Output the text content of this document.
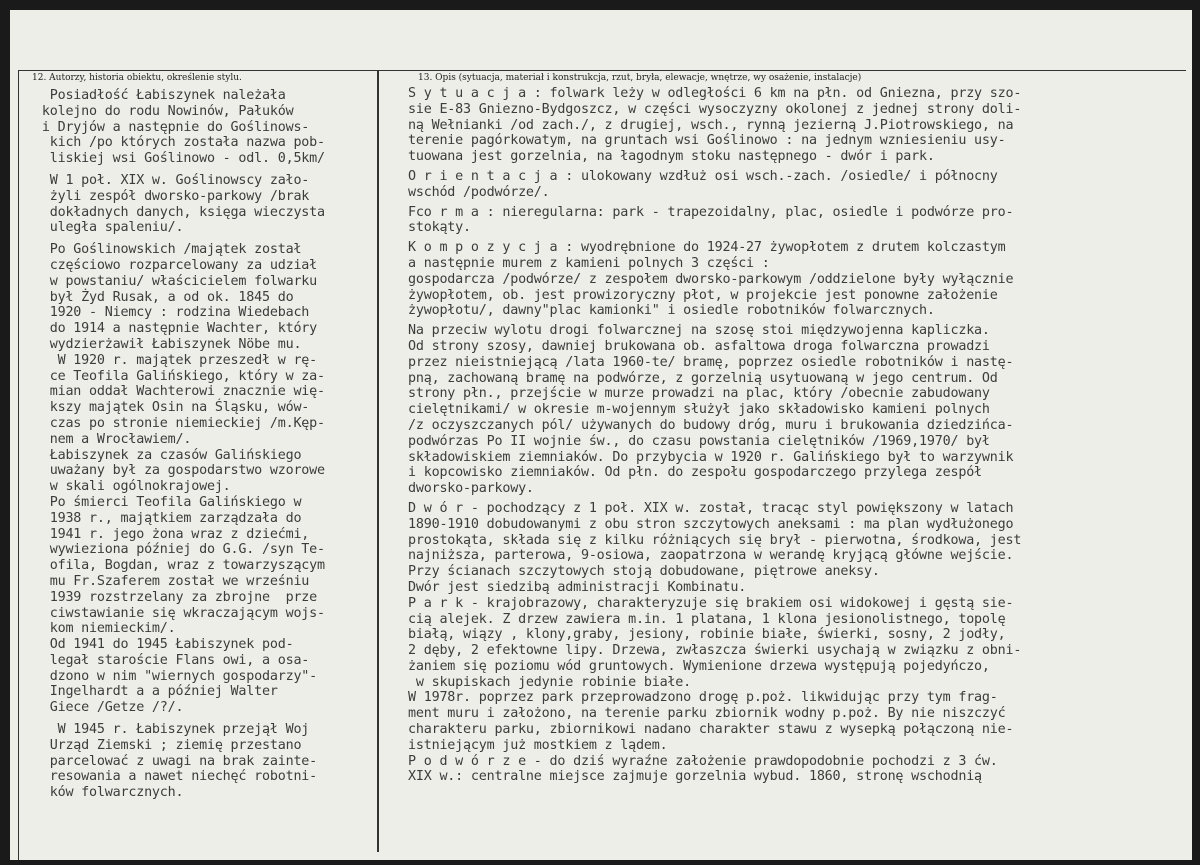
12. Autorzy, historia obiektu, określenie stylu.	13. Opis (sytuacja, materiał i konstrukcja, rzut, bryła, elewacje, wnętrze, wy osażenie, instalacje)
Posiadłość Łabiszynek należała
kolejno do rodu Nowinów, Pałuków
i Dryjów a następnie do Goślinows-
kich /po których została nazwa pob-
liskiej wsi Goślinowo - odl. 0,5km/
W 1 poł. XIX w. Goślinowscy zało-
żyli zespół dworsko-parkowy /brak
dokładnych danych, księga wieczysta
uległa spaleniu/.
Po Goślinowskich /majątek został
częściowo rozparcelowany za udział
w powstaniu/ właścicielem folwarku
był Żyd Rusak, a od ok. 1845 do
1920 - Niemcy : rodzina Wiedebach
do 1914 a następnie Wachter, który
wydzierżawił Łabiszynek Nöbe mu.
W 1920 r. majątek przeszedł w rę-
ce Teofila Galińskiego, który w za-
mian oddał Wachterowi znacznie wię-
kszy majątek Osin na Śląsku, wów-
czas po stronie niemieckiej /m.Kęp-
nem a Wrocławiem/.
Łabiszynek za czasów Galińskiego
uważany był za gospodarstwo wzorowe
w skali ogólnokrajowej.
Po śmierci Teofila Galińskiego w
1938 r., majątkiem zarządzała do
1941 r. jego żona wraz z dziećmi,
wywieziona później do G.G. /syn Te-
ofila, Bogdan, wraz z towarzyszącym
mu Fr.Szaferem został we wrześniu
1939 rozstrzelany za zbrojne  prze
ciwstawianie się wkraczającym wojs-
kom niemieckim/.
Od 1941 do 1945 Łabiszynek pod-
legał staroście Flans owi, a osa-
dzono w nim "wiernych gospodarzy"-
Ingelhardt a a później Walter
Giece /Getze /?/.
W 1945 r. Łabiszynek przejął Woj
Urząd Ziemski ; ziemię przestano
parcelować z uwagi na brak zainte-
resowania a nawet niechęć robotni-
ków folwarcznych.
S y t u a c j a : folwark leży w odległości 6 km na płn. od Gniezna, przy szo-
sie E-83 Gniezno-Bydgoszcz, w części wysoczyzny okolonej z jednej strony doli-
ną Wełnianki /od zach./, z drugiej, wsch., rynną jezierną J.Piotrowskiego, na
terenie pagórkowatym, na gruntach wsi Goślinowo : na jednym wzniesieniu usy-
tuowana jest gorzelnia, na łagodnym stoku następnego - dwór i park.
O r i e n t a c j a : ulokowany wzdłuż osi wsch.-zach. /osiedle/ i północny
wschód /podwórze/.
Fco r m a : nieregularna: park - trapezoidalny, plac, osiedle i podwórze pro-
stokąty.
K o m p o z y c j a : wyodrębnione do 1924-27 żywopłotem z drutem kolczastym
a następnie murem z kamieni polnych 3 części :
gospodarcza /podwórze/ z zespołem dworsko-parkowym /oddzielone były wyłącznie
żywopłotem, ob. jest prowizoryczny płot, w projekcie jest ponowne założenie
żywopłotu/, dawny"plac kamionki" i osiedle robotników folwarcznych.
Na przeciw wylotu drogi folwarcznej na szosę stoi międzywojenna kapliczka.
Od strony szosy, dawniej brukowana ob. asfaltowa droga folwarczna prowadzi
przez nieistniejącą /lata 1960-te/ bramę, poprzez osiedle robotników i nastę-
pną, zachowaną bramę na podwórze, z gorzelnią usytuowaną w jego centrum. Od
strony płn., przejście w murze prowadzi na plac, który /obecnie zabudowany
cielętnikami/ w okresie m-wojennym służył jako składowisko kamieni polnych
/z oczyszczanych pól/ używanych do budowy dróg, muru i brukowania dziedzińca-
podwórzas Po II wojnie św., do czasu powstania cielętników /1969,1970/ był
składowiskiem ziemniaków. Do przybycia w 1920 r. Galińskiego był to warzywnik
i kopcowisko ziemniaków. Od płn. do zespołu gospodarczego przylega zespół
dworsko-parkowy.
D w ó r - pochodzący z 1 poł. XIX w. został, tracąc styl powiększony w latach
1890-1910 dobudowanymi z obu stron szczytowych aneksami : ma plan wydłużonego
prostokąta, składa się z kilku różniących się brył - pierwotna, środkowa, jest
najniższa, parterowa, 9-osiowa, zaopatrzona w werandę kryjącą główne wejście.
Przy ścianach szczytowych stoją dobudowane, piętrowe aneksy.
Dwór jest siedzibą administracji Kombinatu.
P a r k - krajobrazowy, charakteryzuje się brakiem osi widokowej i gęstą sie-
cią alejek. Z drzew zawiera m.in. 1 platana, 1 klona jesionolistnego, topolę
białą, wiązy , klony,graby, jesiony, robinie białe, świerki, sosny, 2 jodły,
2 dęby, 2 efektowne lipy. Drzewa, zwłaszcza świerki usychają w związku z obni-
żaniem się poziomu wód gruntowych. Wymienione drzewa występują pojedyńczo,
w skupiskach jedynie robinie białe.
W 1978r. poprzez park przeprowadzono drogę p.poż. likwidując przy tym frag-
ment muru i założono, na terenie parku zbiornik wodny p.poż. By nie niszczyć
charakteru parku, zbiornikowi nadano charakter stawu z wysepką połączoną nie-
istniejącym już mostkiem z lądem.
P o d w ó r z e - do dziś wyraźne założenie prawdopodobnie pochodzi z 3 ćw.
XIX w.: centralne miejsce zajmuje gorzelnia wybud. 1860, stronę wschodnią
